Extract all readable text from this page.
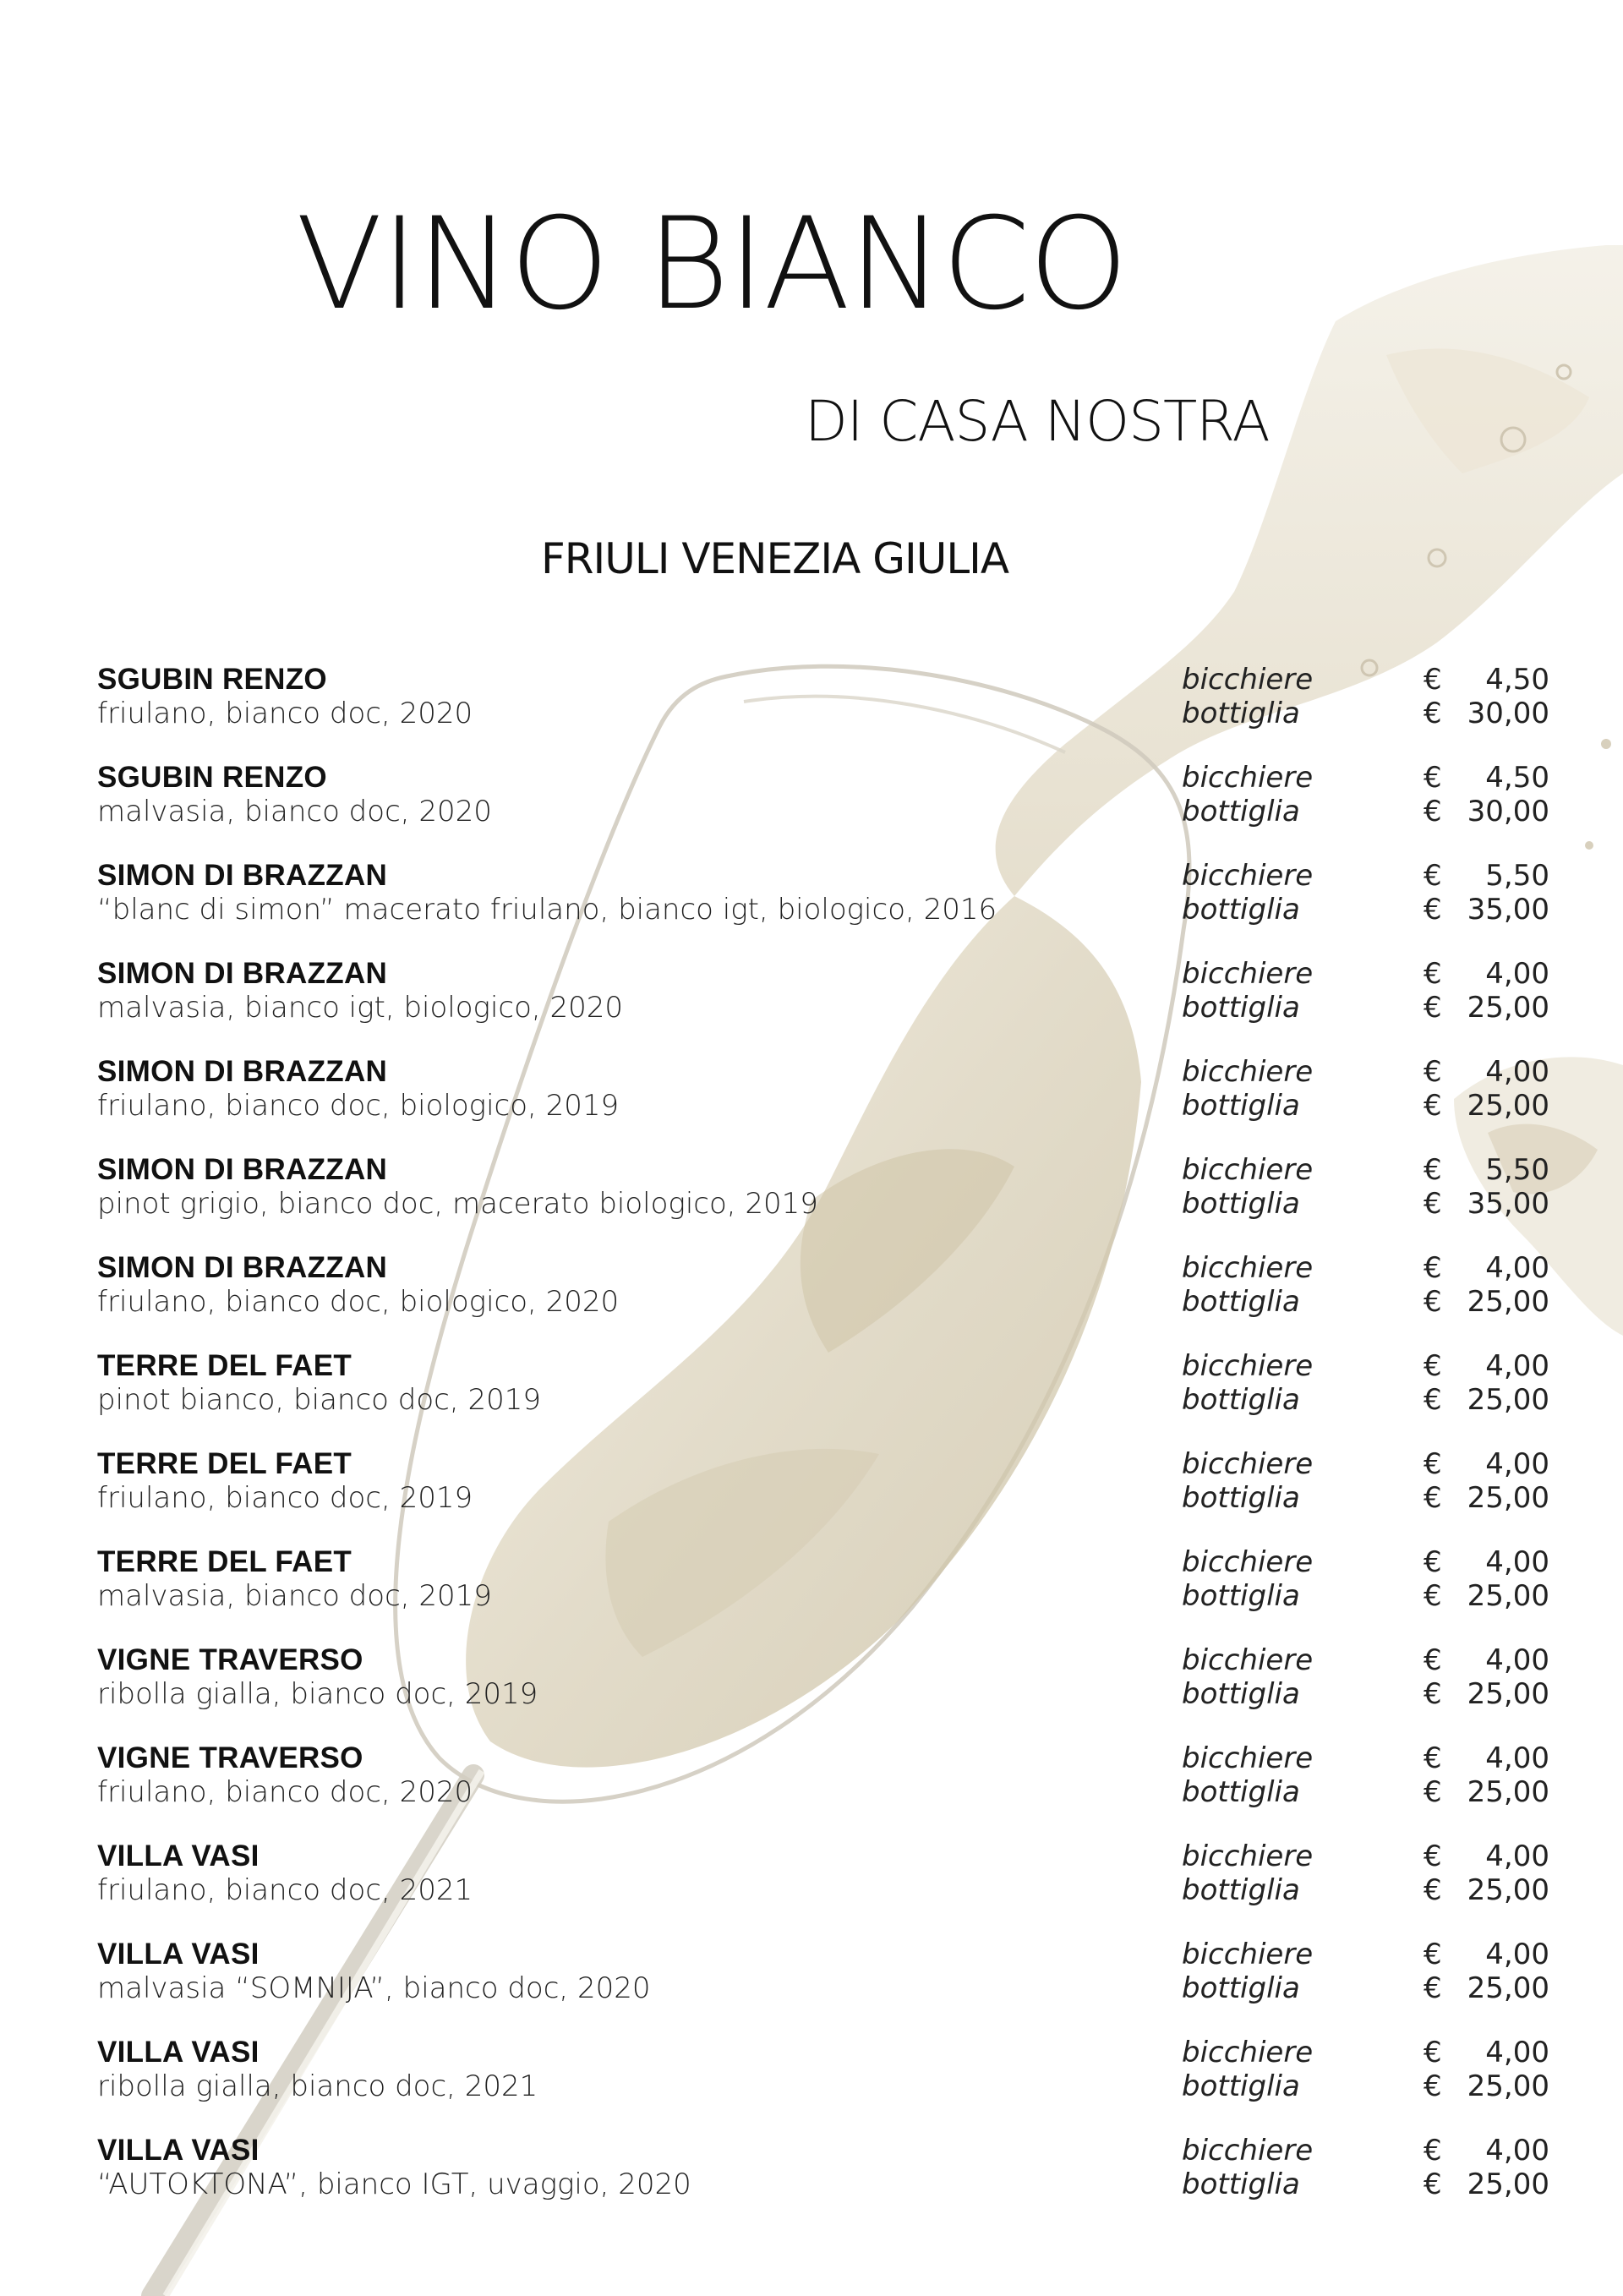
VINO BIANCO
DI CASA NOSTRA
FRIULI VENEZIA GIULIA
SGUBIN RENZO
friulano, bianco doc, 2020
bicchiere	€ 4,50
bottiglia	€ 30,00
SGUBIN RENZO
malvasia, bianco doc, 2020
bicchiere	€ 4,50
bottiglia	€ 30,00
SIMON DI BRAZZAN
“blanc di simon” macerato friulano, bianco igt, biologico, 2016
bicchiere	€ 5,50
bottiglia	€ 35,00
SIMON DI BRAZZAN
malvasia, bianco igt, biologico, 2020
bicchiere	€ 4,00
bottiglia	€ 25,00
SIMON DI BRAZZAN
friulano, bianco doc, biologico, 2019
bicchiere	€ 4,00
bottiglia	€ 25,00
SIMON DI BRAZZAN
pinot grigio, bianco doc, macerato biologico, 2019
bicchiere	€ 5,50
bottiglia	€ 35,00
SIMON DI BRAZZAN
friulano, bianco doc, biologico, 2020
bicchiere	€ 4,00
bottiglia	€ 25,00
TERRE DEL FAET
pinot bianco, bianco doc, 2019
bicchiere	€ 4,00
bottiglia	€ 25,00
TERRE DEL FAET
friulano, bianco doc, 2019
bicchiere	€ 4,00
bottiglia	€ 25,00
TERRE DEL FAET
malvasia, bianco doc, 2019
bicchiere	€ 4,00
bottiglia	€ 25,00
VIGNE TRAVERSO
ribolla gialla, bianco doc, 2019
bicchiere	€ 4,00
bottiglia	€ 25,00
VIGNE TRAVERSO
friulano, bianco doc, 2020
bicchiere	€ 4,00
bottiglia	€ 25,00
VILLA VASI
friulano, bianco doc, 2021
bicchiere	€ 4,00
bottiglia	€ 25,00
VILLA VASI
malvasia “SOMNIJA”, bianco doc, 2020
bicchiere	€ 4,00
bottiglia	€ 25,00
VILLA VASI
ribolla gialla, bianco doc, 2021
bicchiere	€ 4,00
bottiglia	€ 25,00
VILLA VASI
“AUTOKTONA”, bianco IGT, uvaggio, 2020
bicchiere	€ 4,00
bottiglia	€ 25,00
